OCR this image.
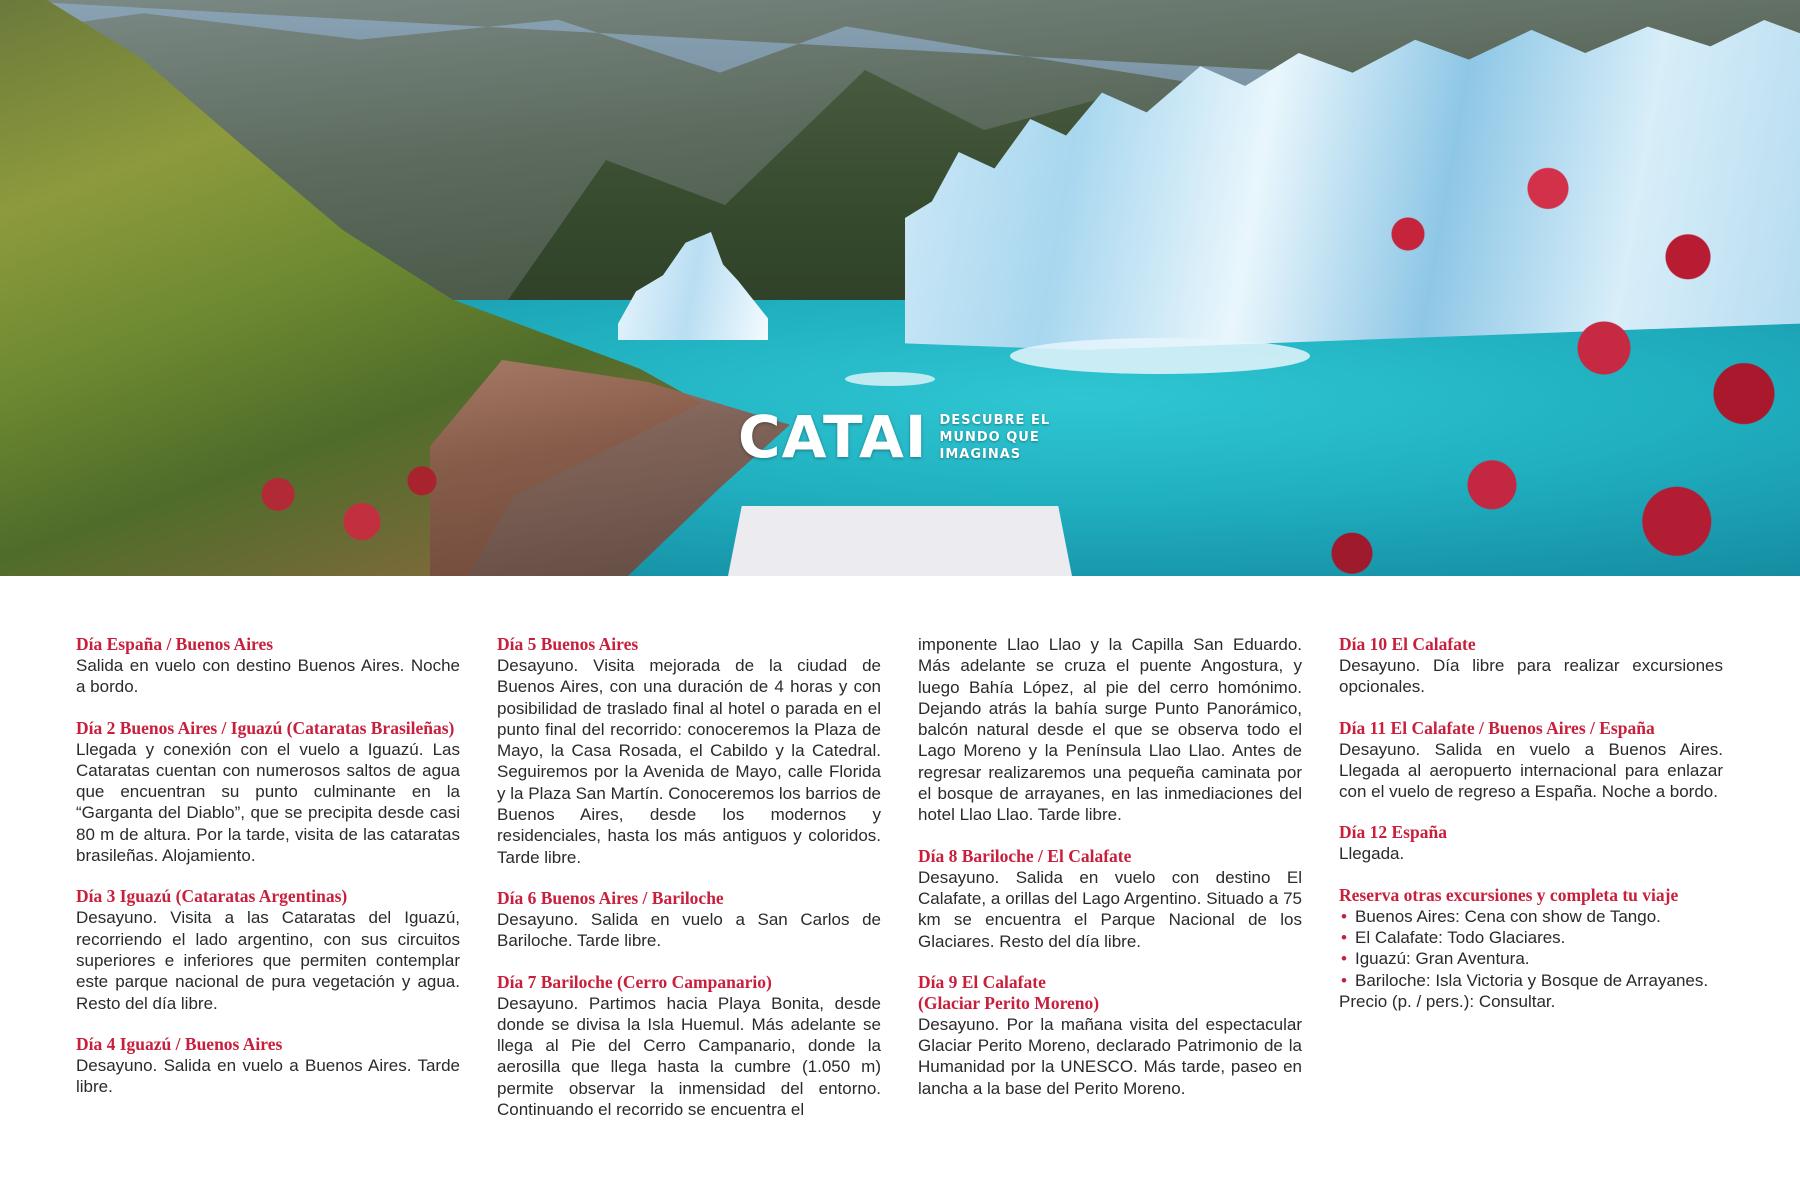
CATAI DESCUBRE EL
MUNDO QUE
IMAGINAS
Día España / Buenos Aires

Salida en vuelo con destino Buenos Aires. Noche a bordo.

Día 2 Buenos Aires / Iguazú (Cataratas Brasileñas)

Llegada y conexión con el vuelo a Iguazú. Las Cataratas cuentan con numerosos saltos de agua que encuentran su punto culminante en la “Garganta del Diablo”, que se precipita desde casi 80 m de altura. Por la tarde, visita de las cataratas brasileñas. Alojamiento.

Día 3 Iguazú (Cataratas Argentinas)

Desayuno. Visita a las Cataratas del Iguazú, recorriendo el lado argentino, con sus circuitos superiores e inferiores que permiten contemplar este parque nacional de pura vegetación y agua. Resto del día libre.

Día 4 Iguazú / Buenos Aires

Desayuno. Salida en vuelo a Buenos Aires. Tarde libre.

Día 5 Buenos Aires

Desayuno. Visita mejorada de la ciudad de Buenos Aires, con una duración de 4 horas y con posibilidad de traslado final al hotel o parada en el punto final del recorrido: conoceremos la Plaza de Mayo, la Casa Rosada, el Cabildo y la Catedral. Seguiremos por la Avenida de Mayo, calle Florida y la Plaza San Martín. Conoceremos los barrios de Buenos Aires, desde los modernos y residenciales, hasta los más antiguos y coloridos. Tarde libre.

Día 6 Buenos Aires / Bariloche

Desayuno. Salida en vuelo a San Carlos de Bariloche. Tarde libre.

Día 7 Bariloche (Cerro Campanario)

Desayuno. Partimos hacia Playa Bonita, desde donde se divisa la Isla Huemul. Más adelante se llega al Pie del Cerro Campanario, donde la aerosilla que llega hasta la cumbre (1.050 m) permite observar la inmensidad del entorno. Continuando el recorrido se encuentra el

imponente Llao Llao y la Capilla San Eduardo. Más adelante se cruza el puente Angostura, y luego Bahía López, al pie del cerro homónimo. Dejando atrás la bahía surge Punto Panorámico, balcón natural desde el que se observa todo el Lago Moreno y la Península Llao Llao. Antes de regresar realizaremos una pequeña caminata por el bosque de arrayanes, en las inmediaciones del hotel Llao Llao. Tarde libre.

Día 8 Bariloche / El Calafate

Desayuno. Salida en vuelo con destino El Calafate, a orillas del Lago Argentino. Situado a 75 km se encuentra el Parque Nacional de los Glaciares. Resto del día libre.

Día 9 El Calafate
(Glaciar Perito Moreno)

Desayuno. Por la mañana visita del espectacular Glaciar Perito Moreno, declarado Patrimonio de la Humanidad por la UNESCO. Más tarde, paseo en lancha a la base del Perito Moreno.

Día 10 El Calafate

Desayuno. Día libre para realizar excursiones opcionales.

Día 11 El Calafate / Buenos Aires / España

Desayuno. Salida en vuelo a Buenos Aires. Llegada al aeropuerto internacional para enlazar con el vuelo de regreso a España. Noche a bordo.

Día 12 España

Llegada.

Reserva otras excursiones y completa tu viaje
• Buenos Aires: Cena con show de Tango.
• El Calafate: Todo Glaciares.
• Iguazú: Gran Aventura.
• Bariloche: Isla Victoria y Bosque de Arrayanes.

Precio (p. / pers.): Consultar.
